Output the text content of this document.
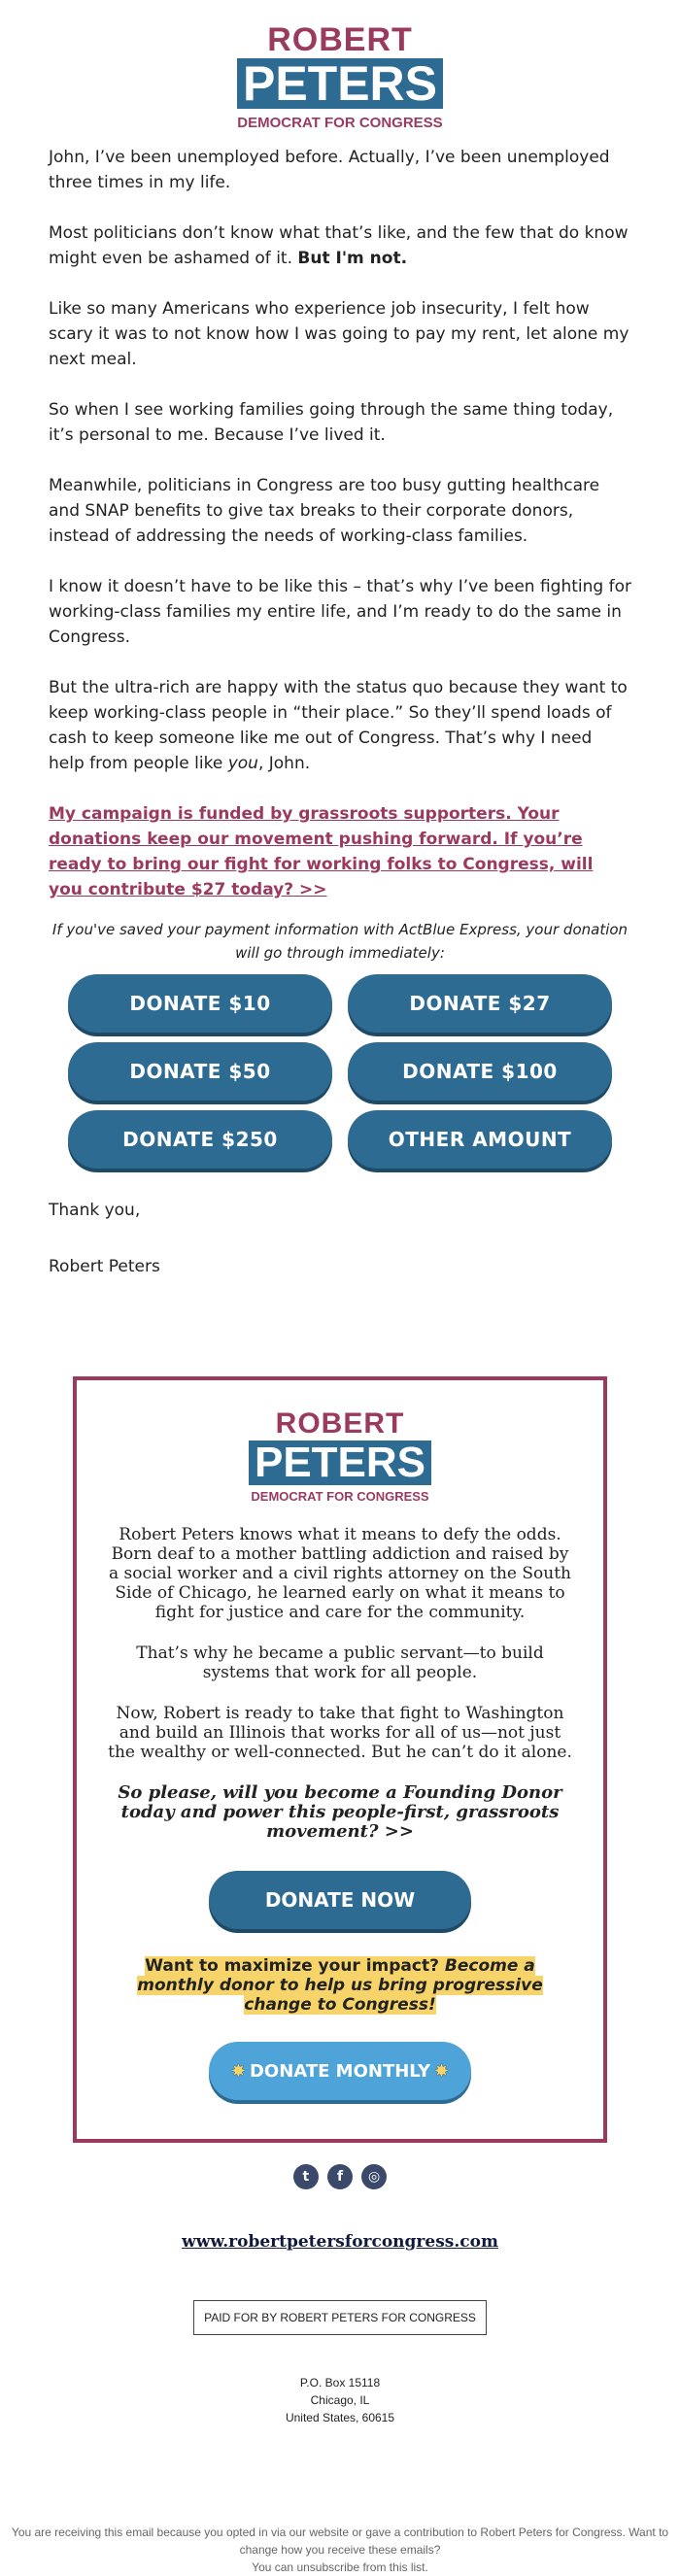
ROBERT
PETERS
DEMOCRAT FOR CONGRESS

John, I’ve been unemployed before. Actually, I’ve been unemployed three times in my life.

Most politicians don’t know what that’s like, and the few that do know might even be ashamed of it. But I'm not.

Like so many Americans who experience job insecurity, I felt how scary it was to not know how I was going to pay my rent, let alone my next meal.

So when I see working families going through the same thing today, it’s personal to me. Because I’ve lived it.

Meanwhile, politicians in Congress are too busy gutting healthcare and SNAP benefits to give tax breaks to their corporate donors, instead of addressing the needs of working-class families.

I know it doesn’t have to be like this – that’s why I’ve been fighting for working-class families my entire life, and I’m ready to do the same in Congress.

But the ultra-rich are happy with the status quo because they want to keep working-class people in “their place.” So they’ll spend loads of cash to keep someone like me out of Congress. That’s why I need help from people like you, John.

My campaign is funded by grassroots supporters. Your donations keep our movement pushing forward. If you’re ready to bring our fight for working folks to Congress, will you contribute $27 today? >>

If you've saved your payment information with ActBlue Express, your donation will go through immediately:
DONATE $10	DONATE $27
DONATE $50	DONATE $100
DONATE $250	OTHER AMOUNT

Thank you,

Robert Peters

ROBERT
PETERS
DEMOCRAT FOR CONGRESS

Robert Peters knows what it means to defy the odds. Born deaf to a mother battling addiction and raised by a social worker and a civil rights attorney on the South Side of Chicago, he learned early on what it means to fight for justice and care for the community.

That’s why he became a public servant—to build systems that work for all people.

Now, Robert is ready to take that fight to Washington and build an Illinois that works for all of us—not just the wealthy or well-connected. But he can’t do it alone.

So please, will you become a Founding Donor today and power this people-first, grassroots movement? >>

DONATE NOW
Want to maximize your impact? Become a monthly donor to help us bring progressive change to Congress!
✸ DONATE MONTHLY ✸
t f ◎
www.robertpetersforcongress.com
PAID FOR BY ROBERT PETERS FOR CONGRESS
P.O. Box 15118
Chicago, IL
United States, 60615
You are receiving this email because you opted in via our website or gave a contribution to Robert Peters for Congress. Want to change how you receive these emails?
You can unsubscribe from this list.
